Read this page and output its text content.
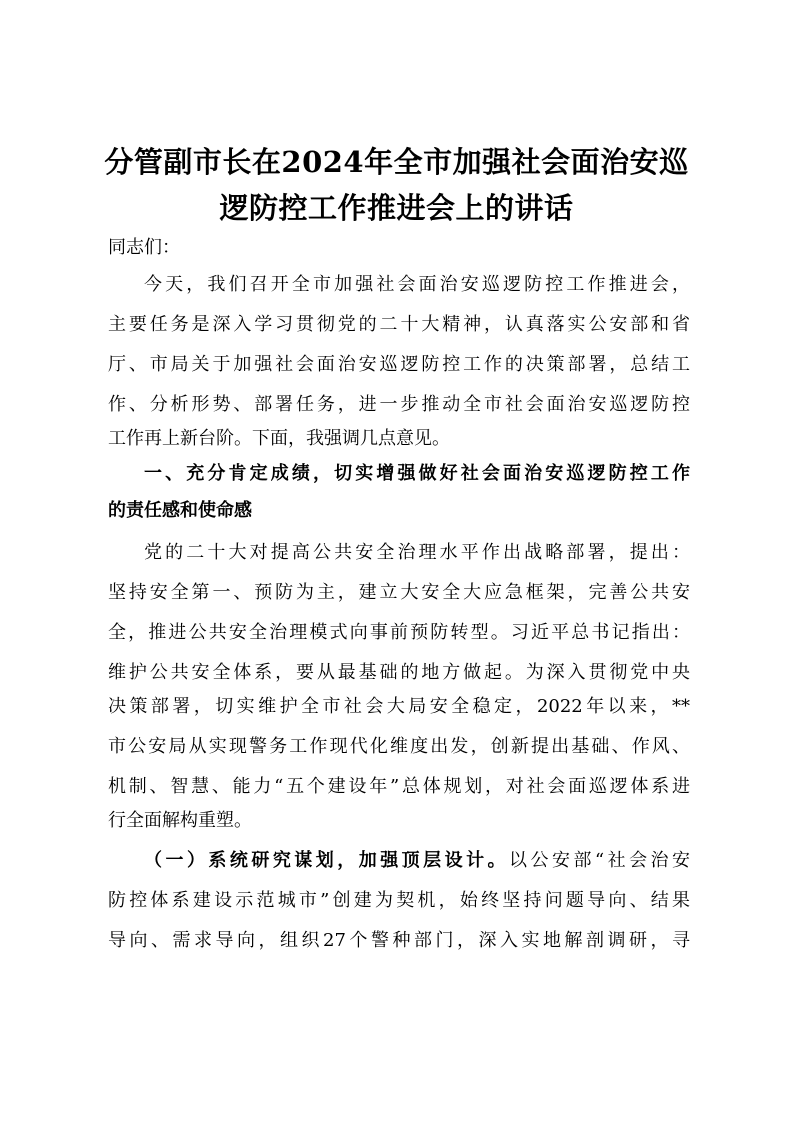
分管副市长在2024年全市加强社会面治安巡
逻防控工作推进会上的讲话
同志们：
今天，我们召开全市加强社会面治安巡逻防控工作推进会，
主要任务是深入学习贯彻党的二十大精神，认真落实公安部和省
厅、市局关于加强社会面治安巡逻防控工作的决策部署，总结工
作、分析形势、部署任务，进一步推动全市社会面治安巡逻防控
工作再上新台阶。下面，我强调几点意见。
一、充分肯定成绩，切实增强做好社会面治安巡逻防控工作
的责任感和使命感
党的二十大对提高公共安全治理水平作出战略部署，提出：
坚持安全第一、预防为主，建立大安全大应急框架，完善公共安
全，推进公共安全治理模式向事前预防转型。习近平总书记指出：
维护公共安全体系，要从最基础的地方做起。为深入贯彻党中央
决策部署，切实维护全市社会大局安全稳定，2022年以来，**
市公安局从实现警务工作现代化维度出发，创新提出基础、作风、
机制、智慧、能力“五个建设年”总体规划，对社会面巡逻体系进
行全面解构重塑。
（一）系统研究谋划，加强顶层设计。以公安部“社会治安
防控体系建设示范城市”创建为契机，始终坚持问题导向、结果
导向、需求导向，组织27个警种部门，深入实地解剖调研，寻
